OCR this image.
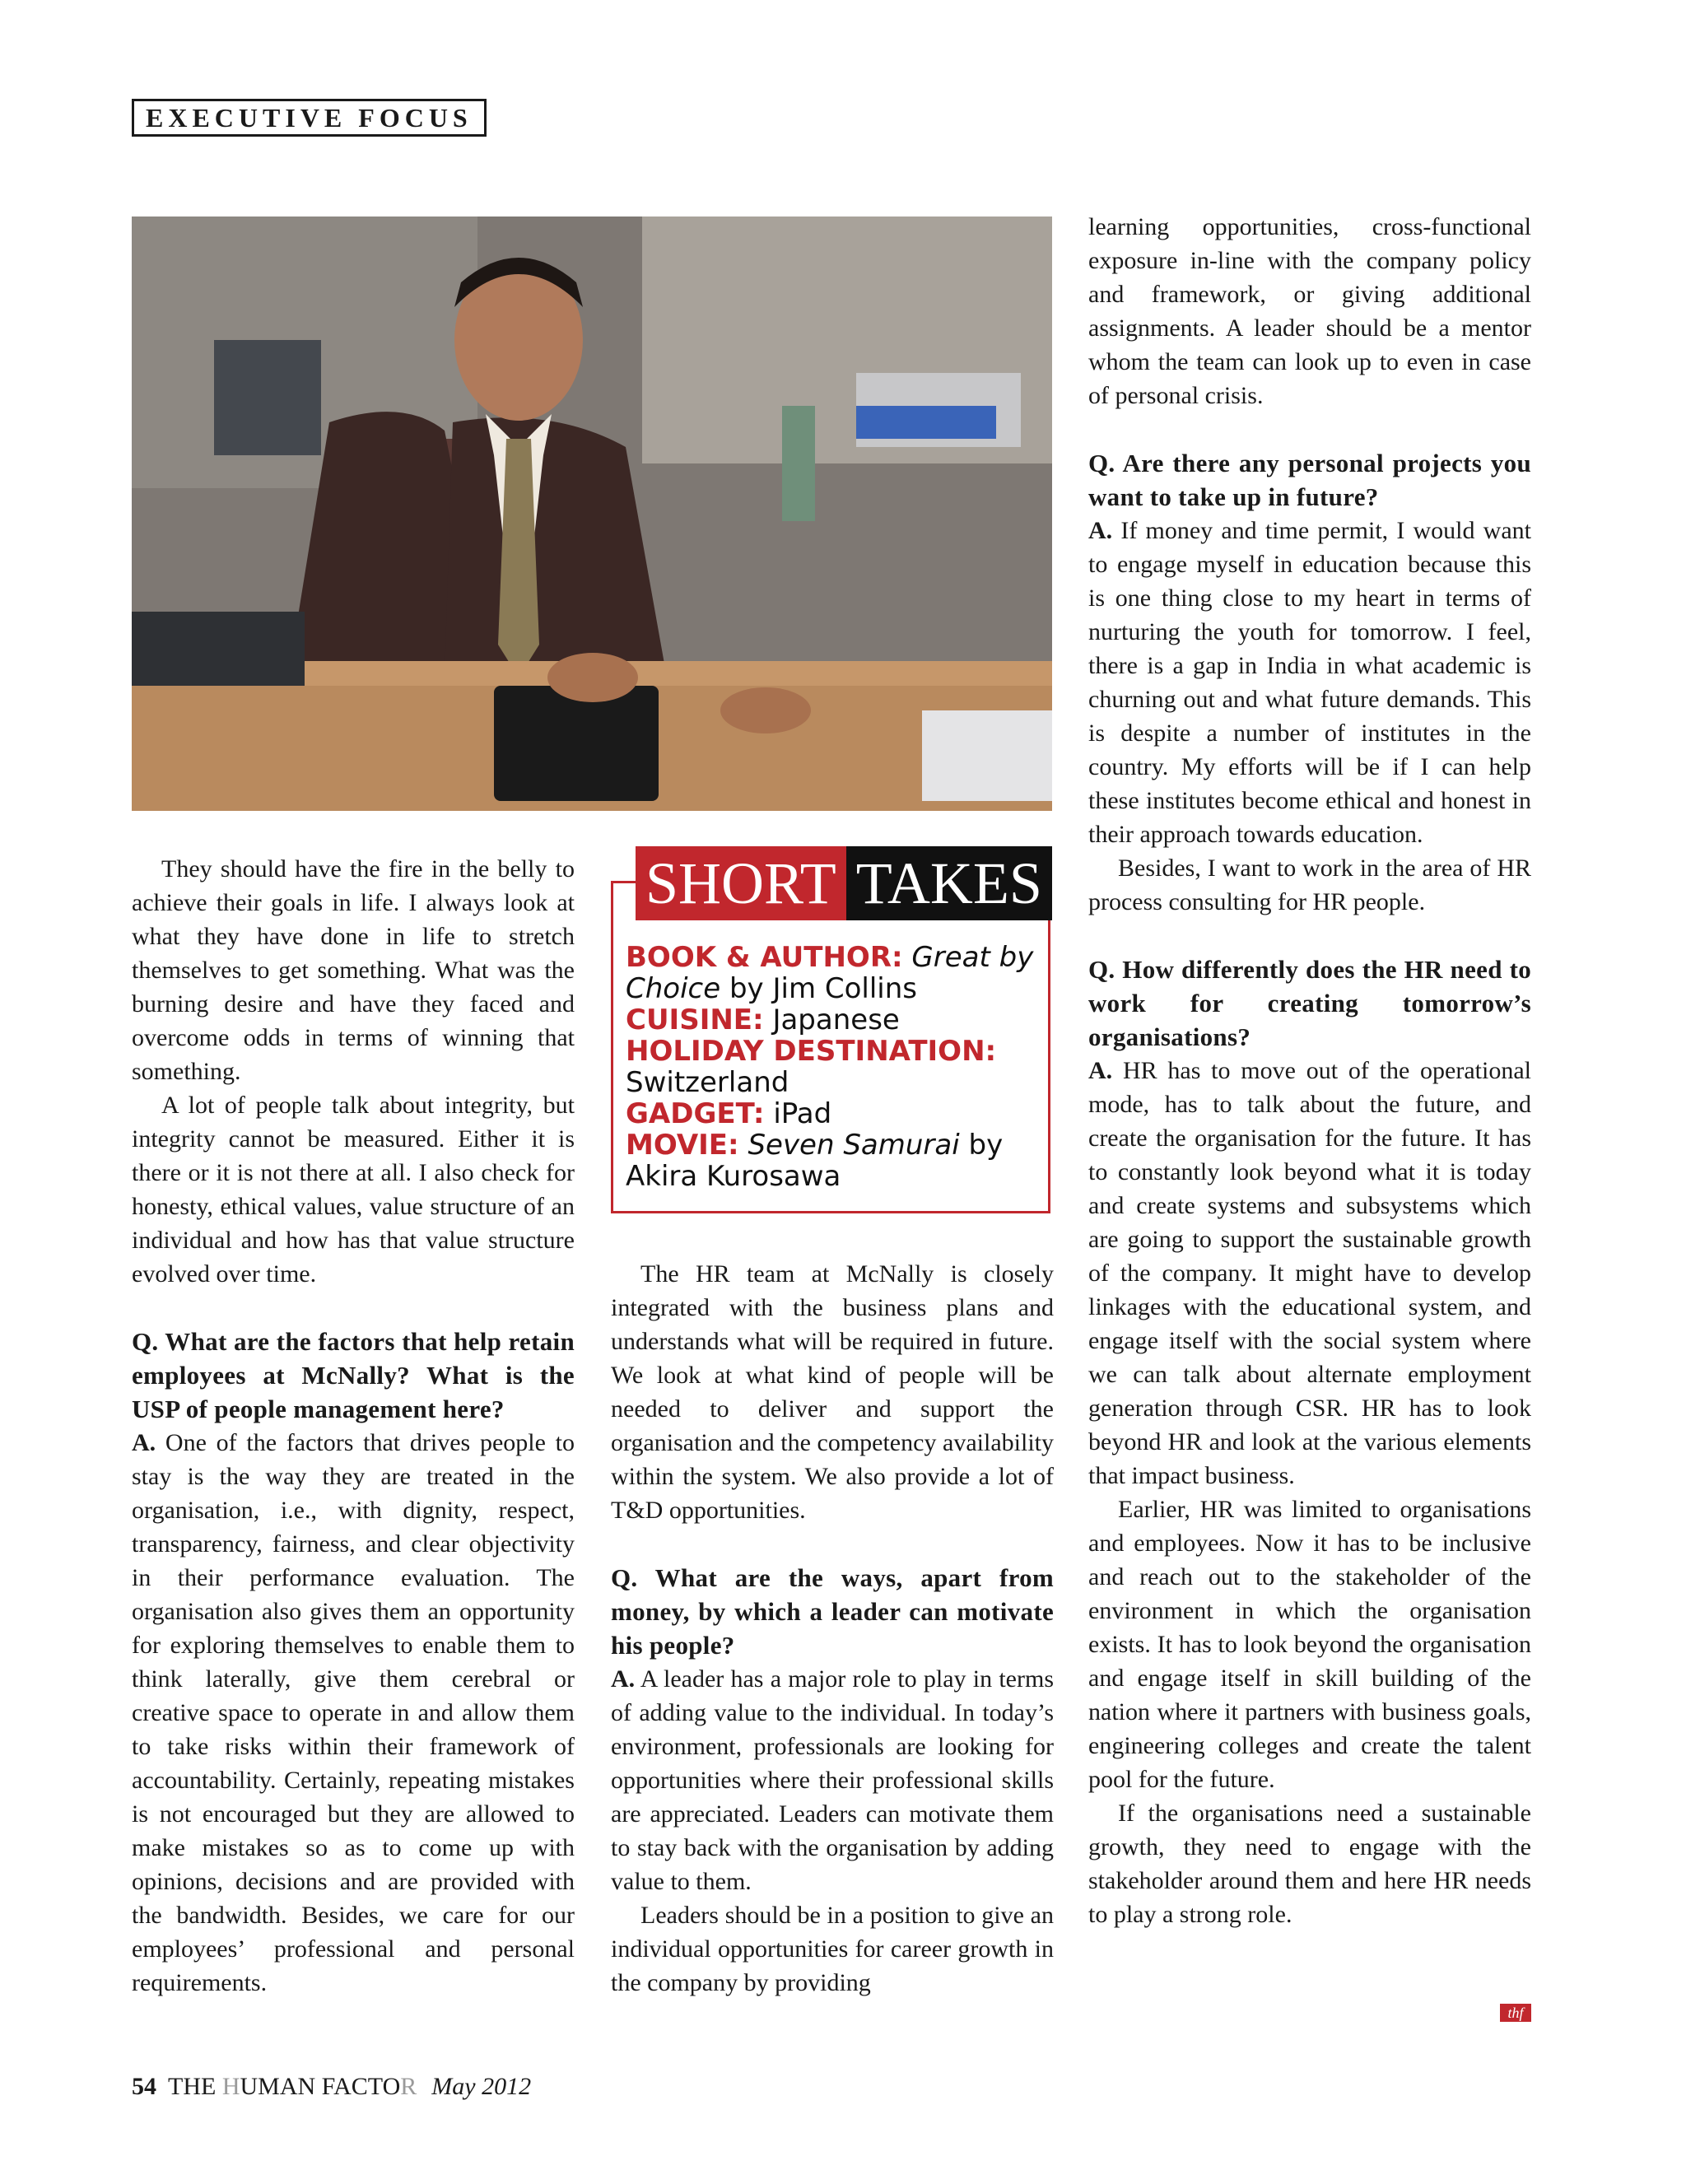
EXECUTIVE FOCUS

They should have the fire in the belly to achieve their goals in life. I always look at what they have done in life to stretch themselves to get something. What was the burning desire and have they faced and overcome odds in terms of winning that something.

A lot of people talk about integrity, but integrity cannot be measured. Either it is there or it is not there at all. I also check for honesty, ethical values, value structure of an individual and how has that value structure evolved over time.

Q. What are the factors that help retain employees at McNally? What is the USP of people management here?

A. One of the factors that drives people to stay is the way they are treated in the organisation, i.e., with dignity, respect, transparency, fairness, and clear objectivity in their performance evaluation. The organisation also gives them an opportunity for exploring themselves to enable them to think laterally, give them cerebral or creative space to operate in and allow them to take risks within their framework of accountability. Certainly, repeating mistakes is not encouraged but they are allowed to make mistakes so as to come up with opinions, decisions and are provided with the bandwidth. Besides, we care for our employees’ professional and personal requirements.

SHORT TAKES
BOOK & AUTHOR: Great by Choice by Jim Collins
CUISINE: Japanese
HOLIDAY DESTINATION:
Switzerland
GADGET: iPad
MOVIE: Seven Samurai by Akira Kurosawa

The HR team at McNally is closely integrated with the business plans and understands what will be required in future. We look at what kind of people will be needed to deliver and support the organisation and the competency availability within the system. We also provide a lot of T&D opportunities.

Q. What are the ways, apart from money, by which a leader can motivate his people?

A. A leader has a major role to play in terms of adding value to the individual. In today’s environment, professionals are looking for opportunities where their professional skills are appreciated. Leaders can motivate them to stay back with the organisation by adding value to them.

Leaders should be in a position to give an individual opportunities for career growth in the company by providing

learning opportunities, cross-functional exposure in-line with the company policy and framework, or giving additional assignments. A leader should be a mentor whom the team can look up to even in case of personal crisis.

Q. Are there any personal projects you want to take up in future?

A. If money and time permit, I would want to engage myself in education because this is one thing close to my heart in terms of nurturing the youth for tomorrow. I feel, there is a gap in India in what academic is churning out and what future demands. This is despite a number of institutes in the country. My efforts will be if I can help these institutes become ethical and honest in their approach towards education.

Besides, I want to work in the area of HR process consulting for HR people.

Q. How differently does the HR need to work for creating tomorrow’s organisations?

A. HR has to move out of the operational mode, has to talk about the future, and create the organisation for the future. It has to constantly look beyond what it is today and create systems and subsystems which are going to support the sustainable growth of the company. It might have to develop linkages with the educational system, and engage itself with the social system where we can talk about alternate employment generation through CSR. HR has to look beyond HR and look at the various elements that impact business.

Earlier, HR was limited to organisations and employees. Now it has to be inclusive and reach out to the stakeholder of the environment in which the organisation exists. It has to look beyond the organisation and engage itself in skill building of the nation where it partners with business goals, engineering colleges and create the talent pool for the future.

If the organisations need a sustainable growth, they need to engage with the stakeholder around them and here HR needs to play a strong role.

thf
54 THE HUMAN FACTOR May 2012
